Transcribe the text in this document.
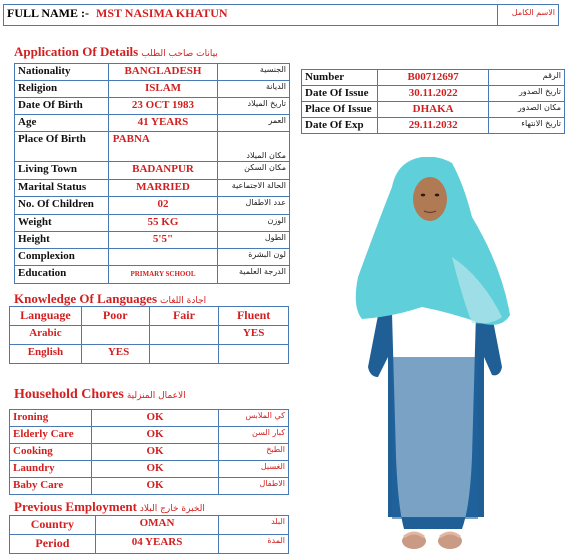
FULL NAME :- MST NASIMA KHATUN	الاسم الكامل
Application Of Details بيانات صاحب الطلب
Nationality	BANGLADESH	الجنسية
Religion	ISLAM	الديانة
Date Of Birth	23 OCT 1983	تاريخ الميلاد
Age	41 YEARS	العمر
Place Of Birth	PABNA	مكان الميلاد
Living Town	BADANPUR	مكان السكن
Marital Status	MARRIED	الحالة الاجتماعية
No. Of Children	02	عدد الاطفال
Weight	55 KG	الوزن
Height	5'5"	الطول
Complexion		لون البشرة
Education	PRIMARY SCHOOL	الدرجة العلمية
Number	B00712697	الرقم
Date Of Issue	30.11.2022	تاريخ الصدور
Place Of Issue	DHAKA	مكان الصدور
Date Of Exp	29.11.2032	تاريخ الانتهاء
Knowledge Of Languages اجادة اللغات
Language	Poor	Fair	Fluent
Arabic			YES
English	YES		
Household Chores الاعمال المنزلية
Ironing	OK	كي الملابس
Elderly Care	OK	كبار السن
Cooking	OK	الطبخ
Laundry	OK	الغسيل
Baby Care	OK	الاطفال
Previous Employment الخبرة خارج البلاد
Country	OMAN	البلد
Period	04 YEARS	المدة
